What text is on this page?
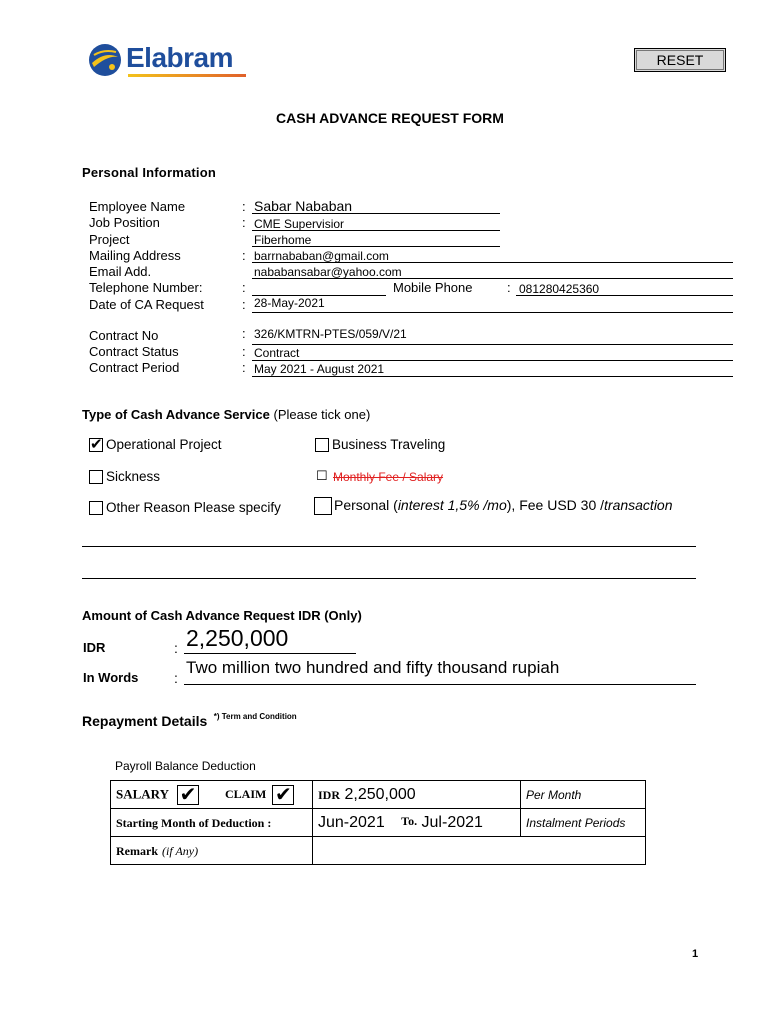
Elabram	RESET
CASH ADVANCE REQUEST FORM
Personal Information
Employee Name	: Sabar Nababan
Job Position	: CME Supervisior
Project	Fiberhome
Mailing Address	: barrnababan@gmail.com
Email Add.	nababansabar@yahoo.com
Telephone Number:	:	Mobile Phone	: 081280425360
Date of CA Request	: 28-May-2021
Contract No	: 326/KMTRN-PTES/059/V/21
Contract Status	: Contract
Contract Period	: May 2021 - August 2021
Type of Cash Advance Service (Please tick one)
✔ Operational Project	Business Traveling
Sickness	☐ Monthly Fee / Salary
Other Reason Please specify	Personal (interest 1,5% /mo), Fee USD 30 /transaction
Amount of Cash Advance Request IDR (Only)
IDR	: 2,250,000
In Words	:
Two million two hundred and fifty thousand rupiah
Repayment Details $^{*) Term and Condition}$
Payroll Balance Deduction
SALARY ✔ CLAIM ✔	IDR 2,250,000	Per Month
Starting Month of Deduction :	Jun-2021 $^{To.}$ Jul-2021	Instalment Periods
Remark (if Any)		
1
